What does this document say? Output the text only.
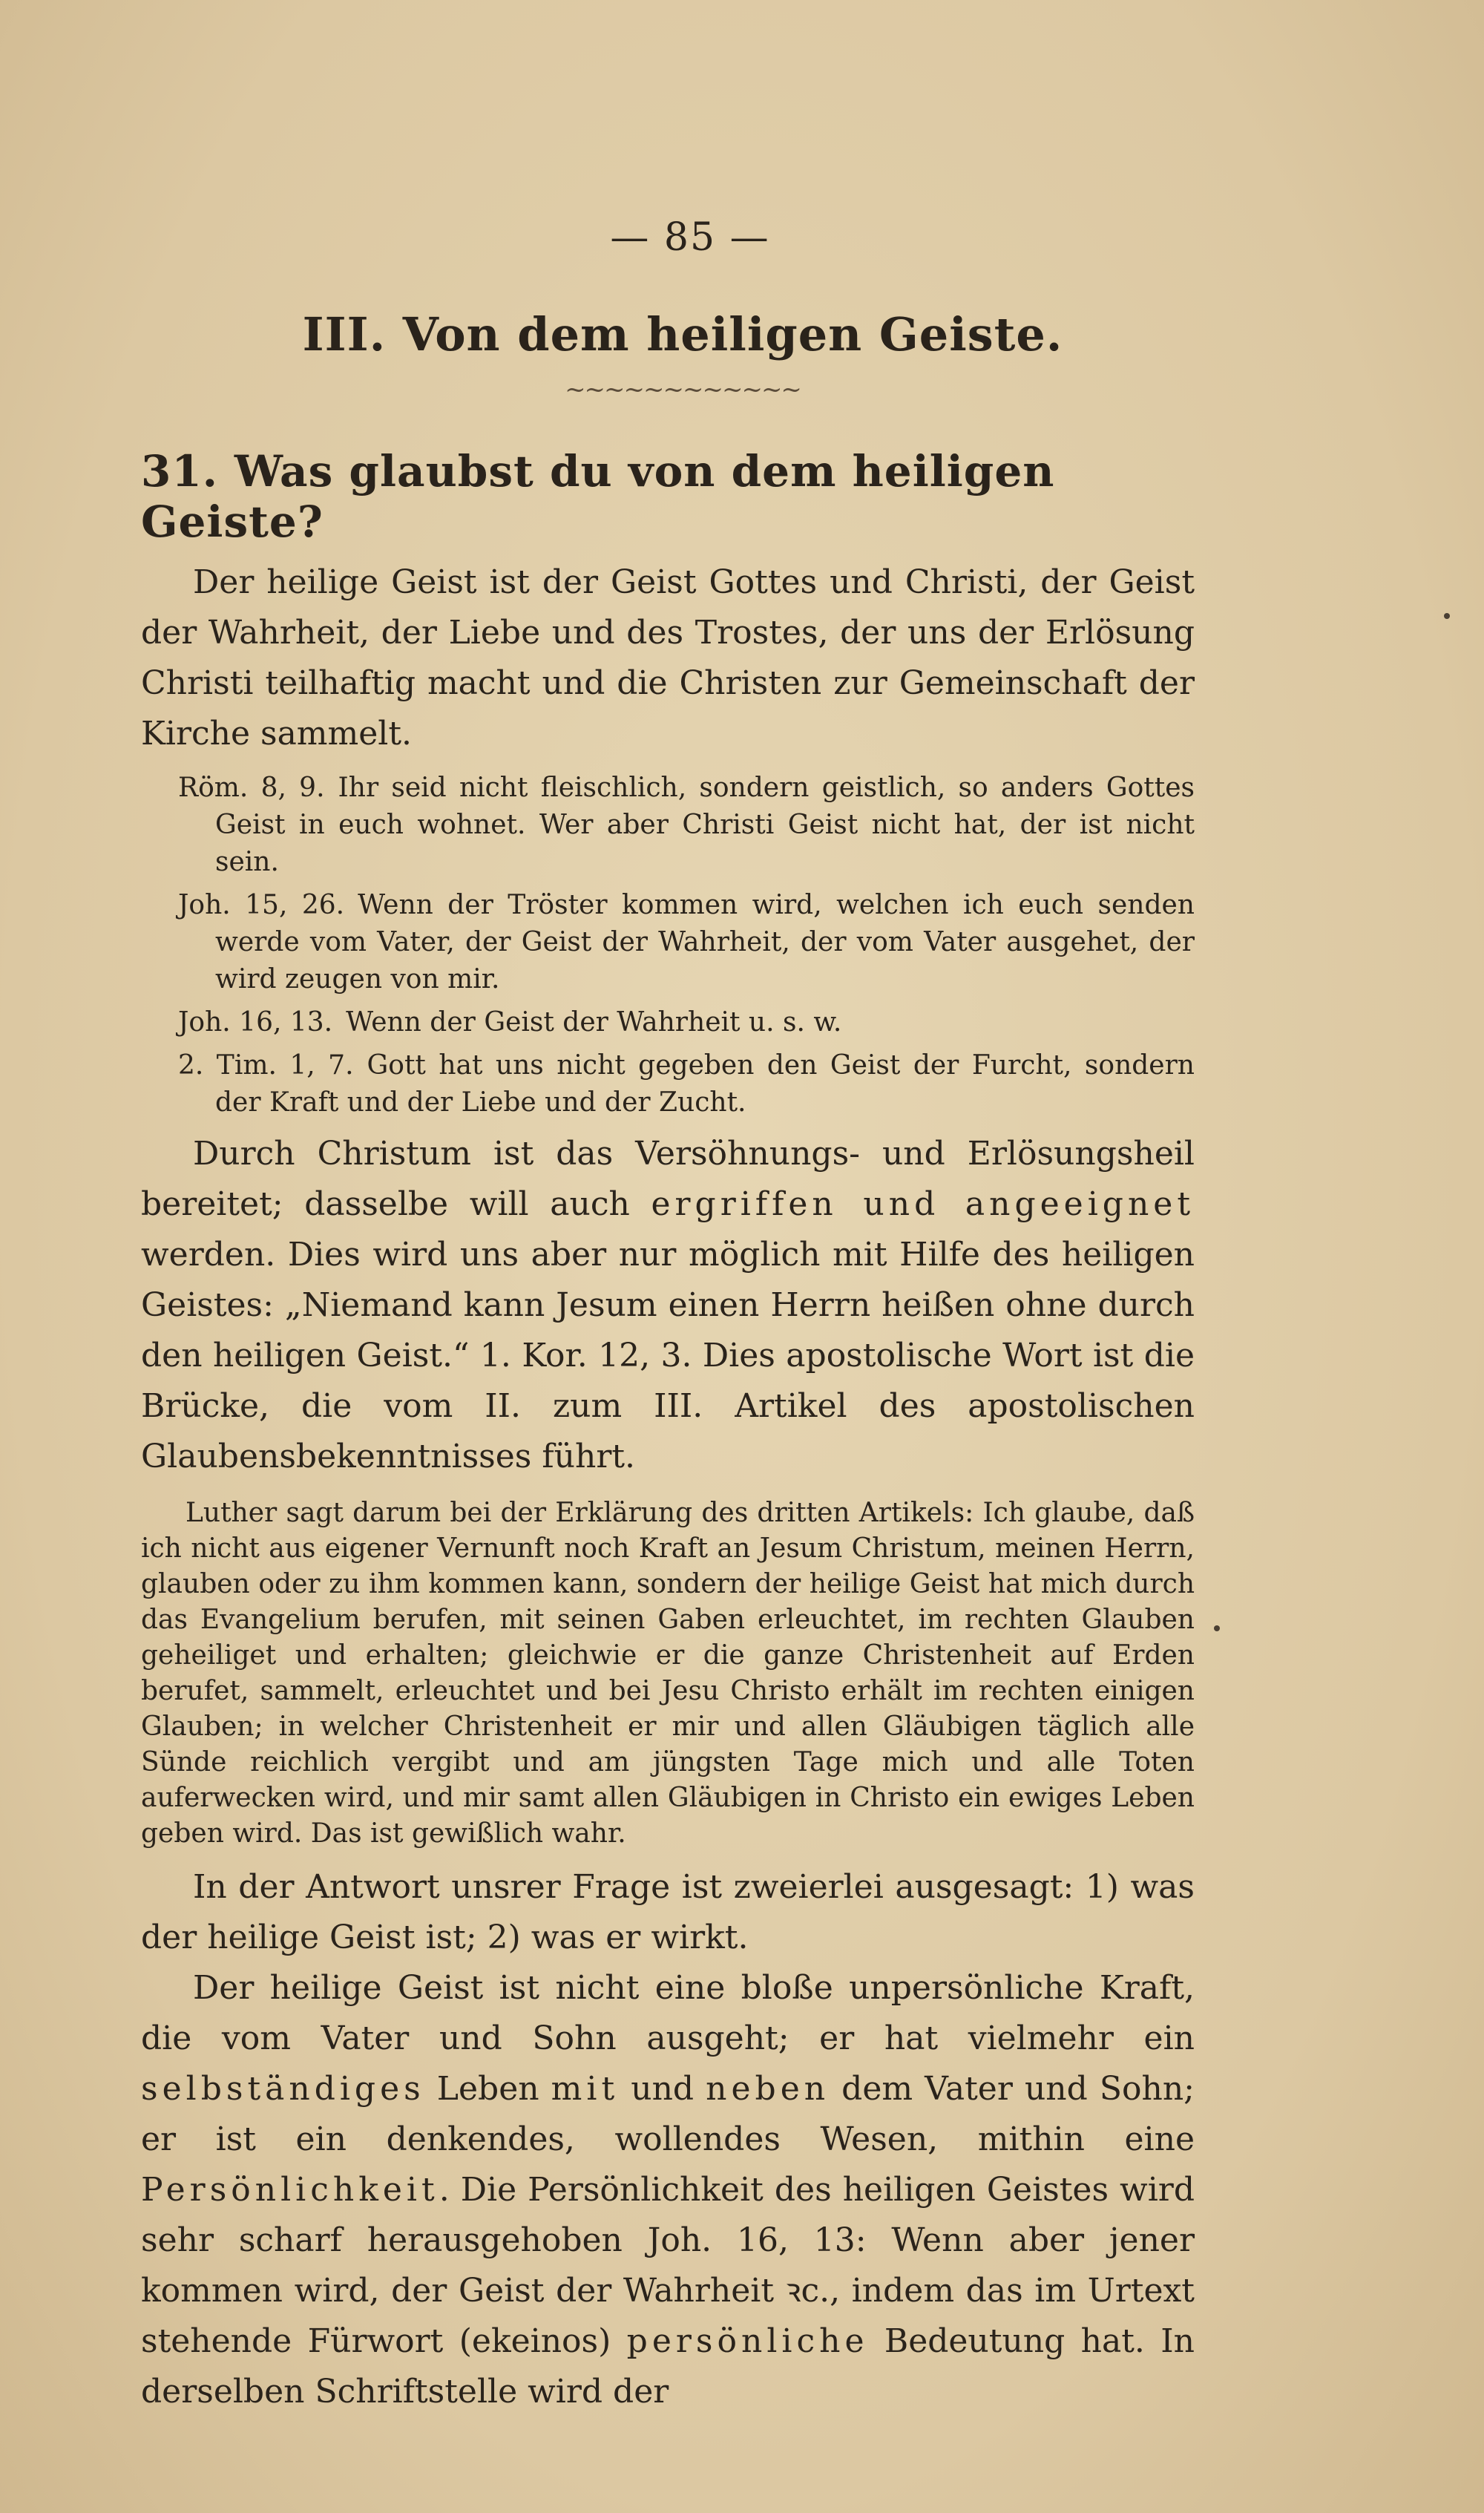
— 85 —
III. Von dem heiligen Geiste.
~~~~~~~~~~~~
31. Was glaubst du von dem heiligen Geiste?

Der heilige Geist ist der Geist Gottes und Christi, der Geist der Wahrheit, der Liebe und des Trostes, der uns der Erlösung Christi teilhaftig macht und die Christen zur Gemeinschaft der Kirche sammelt.

Röm. 8, 9. Ihr seid nicht fleischlich, sondern geistlich, so anders Gottes Geist in euch wohnet. Wer aber Christi Geist nicht hat, der ist nicht sein.

Joh. 15, 26. Wenn der Tröster kommen wird, welchen ich euch senden werde vom Vater, der Geist der Wahrheit, der vom Vater ausgehet, der wird zeugen von mir.

Joh. 16, 13. Wenn der Geist der Wahrheit u. s. w.

2. Tim. 1, 7. Gott hat uns nicht gegeben den Geist der Furcht, sondern der Kraft und der Liebe und der Zucht.

Durch Christum ist das Versöhnungs- und Erlösungsheil bereitet; dasselbe will auch ergriffen und angeeignet werden. Dies wird uns aber nur möglich mit Hilfe des heiligen Geistes: „Niemand kann Jesum einen Herrn heißen ohne durch den heiligen Geist.“ 1. Kor. 12, 3. Dies apostolische Wort ist die Brücke, die vom II. zum III. Artikel des apostolischen Glaubensbekenntnisses führt.

Luther sagt darum bei der Erklärung des dritten Artikels: Ich glaube, daß ich nicht aus eigener Vernunft noch Kraft an Jesum Christum, meinen Herrn, glauben oder zu ihm kommen kann, sondern der heilige Geist hat mich durch das Evangelium berufen, mit seinen Gaben erleuchtet, im rechten Glauben geheiliget und erhalten; gleichwie er die ganze Christenheit auf Erden berufet, sammelt, erleuchtet und bei Jesu Christo erhält im rechten einigen Glauben; in welcher Christenheit er mir und allen Gläubigen täglich alle Sünde reichlich vergibt und am jüngsten Tage mich und alle Toten auferwecken wird, und mir samt allen Gläubigen in Christo ein ewiges Leben geben wird. Das ist gewißlich wahr.

In der Antwort unsrer Frage ist zweierlei ausgesagt: 1) was der heilige Geist ist; 2) was er wirkt.

Der heilige Geist ist nicht eine bloße unpersönliche Kraft, die vom Vater und Sohn ausgeht; er hat vielmehr ein selbständiges Leben mit und neben dem Vater und Sohn; er ist ein denkendes, wollendes Wesen, mithin eine Persönlichkeit. Die Persönlichkeit des heiligen Geistes wird sehr scharf herausgehoben Joh. 16, 13: Wenn aber jener kommen wird, der Geist der Wahrheit ꝛc., indem das im Urtext stehende Fürwort (ekeinos) persönliche Bedeutung hat. In derselben Schriftstelle wird der
